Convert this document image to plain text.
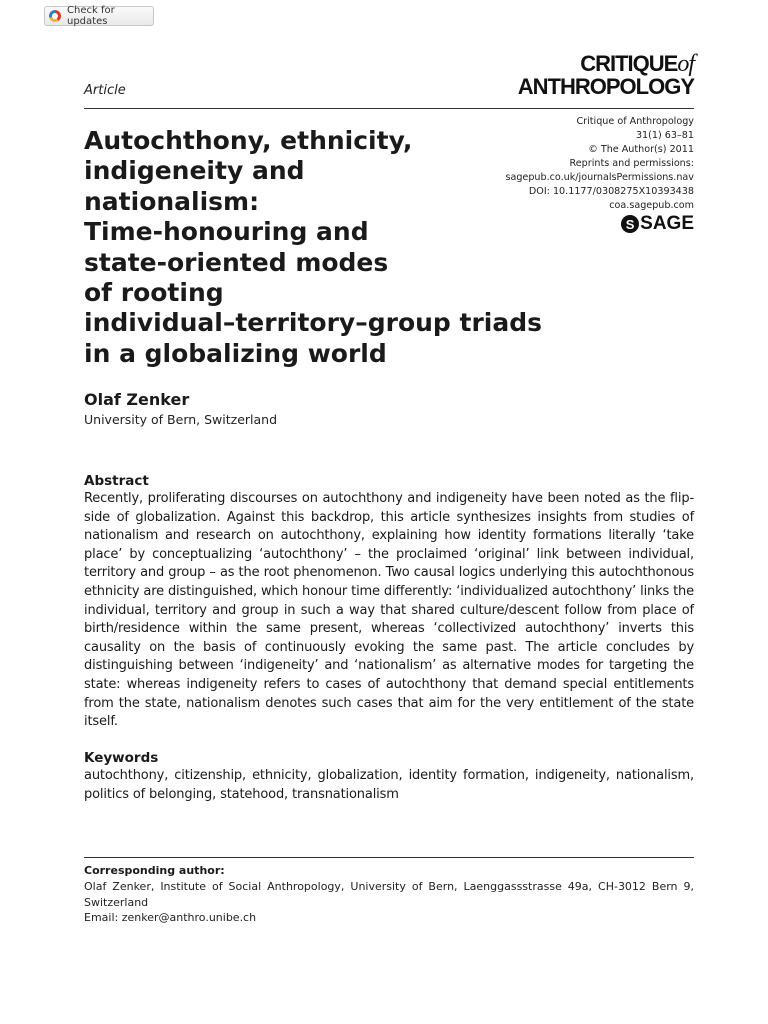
Check for updates
Article
CRITIQUEof
ANTHROPOLOGY
Critique of Anthropology
31(1) 63–81
© The Author(s) 2011
Reprints and permissions:
sagepub.co.uk/journalsPermissions.nav
DOI: 10.1177/0308275X10393438
coa.sagepub.com
S SAGE
Autochthony, ethnicity,
indigeneity and
nationalism:
Time-honouring and
state-oriented modes
of rooting
individual–territory–group triads
in a globalizing world
Olaf Zenker
University of Bern, Switzerland
Abstract
Recently, proliferating discourses on autochthony and indigeneity have been noted as the flip-side of globalization. Against this backdrop, this article synthesizes insights from studies of nationalism and research on autochthony, explaining how identity formations literally ‘take place’ by conceptualizing ‘autochthony’ – the proclaimed ‘original’ link between individual, territory and group – as the root phenomenon. Two causal logics underlying this autochthonous ethnicity are distinguished, which honour time differently: ‘individualized autochthony’ links the individual, territory and group in such a way that shared culture/descent follow from place of birth/residence within the same present, whereas ‘collectivized autochthony’ inverts this causality on the basis of continuously evoking the same past. The article concludes by distinguishing between ‘indigeneity’ and ‘nationalism’ as alternative modes for targeting the state: whereas indigeneity refers to cases of autochthony that demand special entitlements from the state, nationalism denotes such cases that aim for the very entitlement of the state itself.
Keywords
autochthony, citizenship, ethnicity, globalization, identity formation, indigeneity, nationalism, politics of belonging, statehood, transnationalism
Corresponding author:
Olaf Zenker, Institute of Social Anthropology, University of Bern, Laenggassstrasse 49a, CH-3012 Bern 9,
Switzerland
Email: zenker@anthro.unibe.ch
